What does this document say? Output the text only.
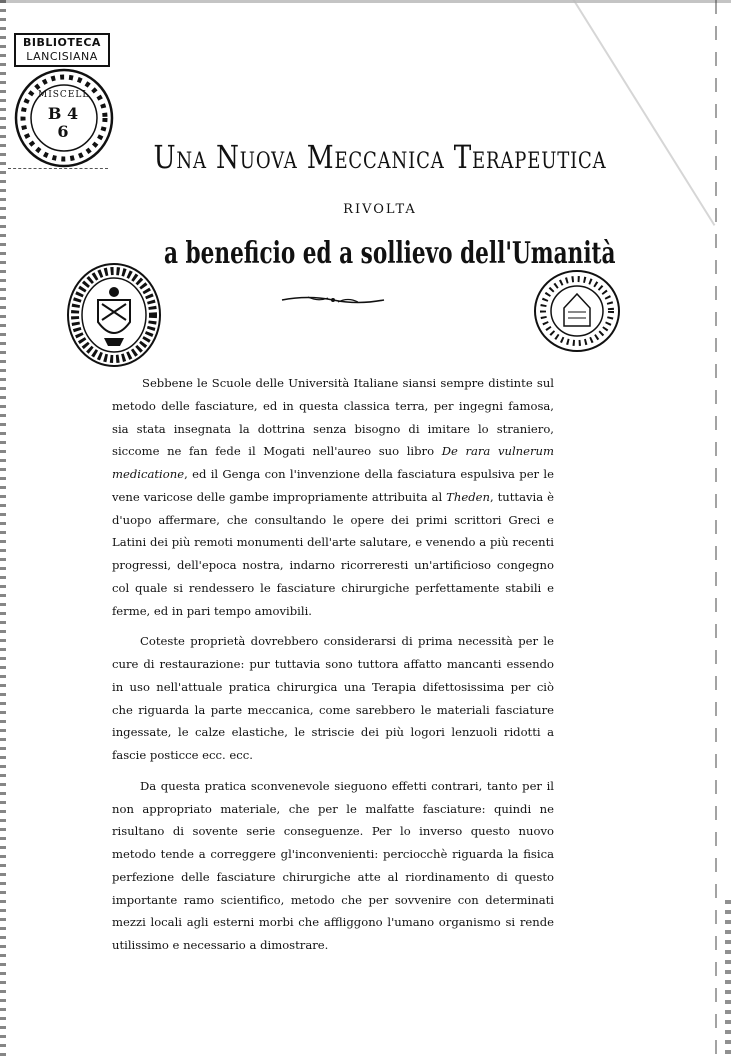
BIBLIOTECA
LANCISIANA
MISCELL
B 4
6
Una Nuova Meccanica Terapeutica
RIVOLTA
a beneficio ed a sollievo dell'Umanità

Sebbene le Scuole delle Università Italiane siansi sempre distinte sul metodo delle fasciature, ed in questa classica terra, per ingegni famosa, sia stata insegnata la dottrina senza bisogno di imitare lo straniero, siccome ne fan fede il Mogati nell'aureo suo libro De rara vulnerum medicatione, ed il Genga con l'invenzione della fasciatura espulsiva per le vene varicose delle gambe impropriamente attribuita al Theden, tuttavia è d'uopo affermare, che consultando le opere dei primi scrittori Greci e Latini dei più remoti monumenti dell'arte salutare, e venendo a più recenti progressi, dell'epoca nostra, indarno ricorreresti un'artificioso congegno col quale si rendessero le fasciature chirurgiche perfettamente stabili e ferme, ed in pari tempo amovibili.

Coteste proprietà dovrebbero considerarsi di prima necessità per le cure di restaurazione: pur tuttavia sono tuttora affatto mancanti essendo in uso nell'attuale pratica chirurgica una Terapia difettosissima per ciò che riguarda la parte meccanica, come sarebbero le materiali fasciature ingessate, le calze elastiche, le striscie dei più logori lenzuoli ridotti a fascie posticce ecc. ecc.

Da questa pratica sconvenevole sieguono effetti contrari, tanto per il non appropriato materiale, che per le malfatte fasciature: quindi ne risultano di sovente serie conseguenze. Per lo inverso questo nuovo metodo tende a correggere gl'inconvenienti: perciocchè riguarda la fisica perfezione delle fasciature chirurgiche atte al riordinamento di questo importante ramo scientifico, metodo che per sovvenire con determinati mezzi locali agli esterni morbi che affliggono l'umano organismo si rende utilissimo e necessario a dimostrare.
